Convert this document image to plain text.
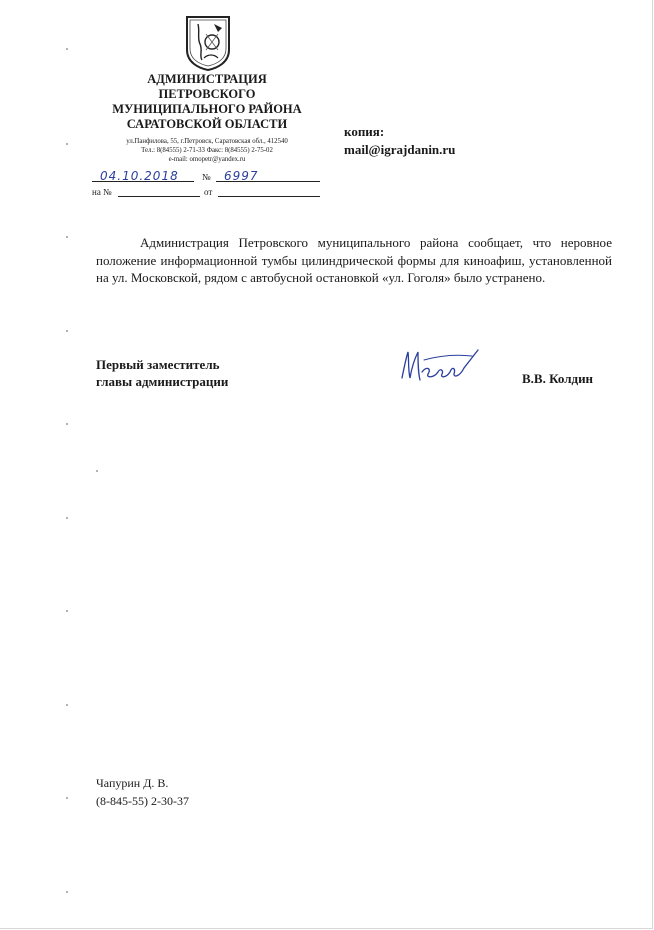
АДМИНИСТРАЦИЯ
ПЕТРОВСКОГО
МУНИЦИПАЛЬНОГО РАЙОНА
САРАТОВСКОЙ ОБЛАСТИ
ул.Панфилова, 55, г.Петровск, Саратовская обл., 412540
Тел.: 8(84555) 2-71-33 Факс: 8(84555) 2-75-02
e-mail: omopetr@yandex.ru
04.10.2018	№ 6997
на №	от
копия:
mail@igrajdanin.ru
Администрация Петровского муниципального района сообщает, что неровное положение информационной тумбы цилиндрической формы для киноафиш, установленной на ул. Московской, рядом с автобусной остановкой «ул. Гоголя» было устранено.
Первый заместитель
главы администрации	В.В. Колдин
Чапурин Д. В.
(8-845-55) 2-30-37
